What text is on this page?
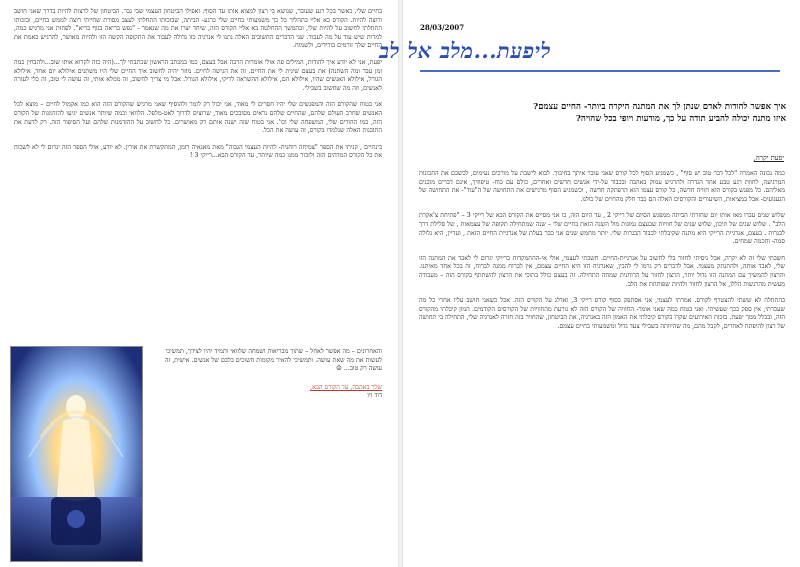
בחיים שלי. כאשר בכל רגע שעובר, שנושא בי רצון למצוא אותו עד הסוף. ואפילו הביטחון העצמי שבי גבר. הביטחון של לרצות להיות בדרך שאני חושב ורוצה להיות. הקורס בא אליי בתהליך כל כך משמעותי בחיים שלי כרגע- הביתה, שבזכותו התחלתי לעצב מסורת שחייתי רוצה לממש בחיים, ובזכותו התחלתי לחשוב על להיות שלי, ובהמשך ההחלטה בא אליי הקורס הזה, שיחד יצרו את מה שנאמר - "נפש בריאה בגוף בריא". לפחות אני מרגיש כמה, למרות שיש עוד על מה לעבוד. שני הדברים החשובים האלה נתנו לי אנרגיה כזו גדולה לעבוד את התקופה הקשה הזו ולהיות מאושר, להרגיש באמת את החיים שלך זורמים בורידים, ולשמוח.

יפעת, אני לא יודע איך להודות, המילים פה אולי אומרות הרבה אבל בעצם, כמו במכתב הראשון שכתבתי לך...(היה כזה לקרוא אותו שוב...ולהבחין כמה זמן עבר ומה השתנה) את בעצם שינית לי את החיים. זה את הגישה לחיים. מוזר יהיה לחשוב איך החיים שלי היו משתנים אילולא יום אחד, אילולא הגורל, אילולא האנשים שהיו, אילולא הם, אילולא ההשראה לריקי, אילולא הגורל. אבל מי צריך לחשוב, זה ממלא אותי, זה עושה לי טוב, זה כלי לעזרה לאנשים, וזה מה שחשוב בשבילי.

אני בטוח שהקורס הזה והמפגשים שלי יהיו חסרים לי מאוד, אני יכול רק לומר ולהוסיף שאני מרגיש שהקורס הזה הוא כמו אקמול לחיים – מוצא לכל האנשים שחרב העולם שלהם, שהחיים שלהם נראים מסובכים מאוד, שרוצים לדרוך לאט-מלפל. הלוואי וכמה שיותר אנשים יגיעו להזדמנות של הקורס הזה, כמו ההורים שלי, המשפחה שלי וכו'. אני בטוח שזה ישנה אותם רק מאושרים. כל לחשוב על ההזדמנות שלהם ועל הסיפור הזה. רק לדעת את התובנות האלה שנלמדו בקורס, זה עושה את הכל.

בינתיים , קניתי את הספר "צמיחה רוחנית- להיות העצמי הגבוה" מאת מאנאיה רומן, המתקשרת את אורין. לא יודע, אולי הספר הזה יגרום לי לא לשכוח את כל הקורס המדהים הזה ולזכור ממנו כמה שיותר, עד הקורס הבא...רייקי 3 !

והאחרונים – מה אפשר לאחל – שתוך מבריאות ושמחה שלוואי ותמיד יהיו לצידך, תמשיכי לעשות את מה שאת עושה. ותמשיכי להאיר מקומות חשוכים בלבם של אנשים. אישית, זה עושה רק טוב... ☺

שלך באהבה, עד הקורס הבא,

דוד זיו

28/03/2007
ליפעת...מלב אל לב
איך אפשר להודות לאדם שנתן לך את המתנה היקרה ביותר- החיים עצמם?
איזו מתנה יכולה להביע תודה על כך, מודעות ויופי בכל שהויה?
יפעת יקרה,

כמה נכונה האמרה "לכל דבר טוב יש סוף" , כשמגיע הסוף לכל קורס שאני עובר איתך בחיבוך. לבוא לישבת על מורכים נעימים, לכשבם את התכונות המרגיעה, לחוות רגע טבע אחד הגדרה ולהרגיש עמוק באהבה ובכבוד על-ידי אנשים חדשים ואחרים, כולם עם כוח- טיפוזיך, אינם דברים מובנים מאליהם. כל מפגש בקורס הוא חוויה חדשה, כל קורס עצמו הוא הרפתקה חדשה , וכשמגיע הסוף מרגישים את התחושה של ה"עוד"- את התחושה של הגעגועים- אבל במציאות, השיעורים והקורסים האלה הם כבר חלק מהחיים של כולנו.

שלוש שנים עברו מאז אותו יום שחזרתי הביתה ממפגש הסיום של רייקי 2 , עד היום הזה, בו אני מסיים את הקורס הבא של רייקי 3 – "פתיחת צ'אקרת הלב" . שלוש שנים של תיכון, שלוש שנים של חוויות שבעצם נמוגות מול השנה הזאת בחיים שלי – שנה שמתחילה תקופה של עצמאות , של סלילת דרך לבגרות . בעצם, אנרגיית הרייקי היא מתנה שקיבלתי לכבוד הבגרות שלי. יותר מחמש שנים אני כבר בעלת של אנרגיית החיים הזאת , ועדיין, היא גלולה סמה- וחכמה שמחים.

חשבתי שלי זה לא יקרה, אבל ניסיתי לחזור בלי לחשוב על אנרגיית-החיים. חשבתי לעצמי, אולי אי-ההתמקדות ברייקי יגרום לי לאבד את המתנה הזו שלי, לאבד אותה, ולהתנתק מעצמי. אבל לדברים רק גרמו לי להבין, שאנרגיה הזו היא החיים עצמם, אין לברוח ממנה לברוח, זה בכל אחד מאיתנו. והרצון להמשיך עם המתנה הזו גדול יותר, הרצון לחזור על הרוחנית שמחה התחילה. זה בעצם כולל בתוכי את הרצון להשתתף בקורס הזה – מעבודה מעשית מהרגשות הללו, אל הרצון לחזור ולהיות שפותחת את הלב.

בהתחלה לא ששתי להצטרף לקורס. אמרתי לעצמי, אני אסתפק בסוף קורס רייקי 3, ואדלג על הקורס הזה. אבל כשאני חושב עליו אחרי כל מה שעברתי, אין ספק בכך שעשיתי. ואני בטוח כמה שאני אומר- החוויה של הקורס הזה לא גורעת מהחוויות של הקורסים הקודמים. המון קיבלתי מהקורס הזה, ובכלל ממך יפעת. בזכות האירועים שקרו בקורס קיבלתי את האמון הזה באנרגיה, את הביטחון, שהחזיר בזה חזרה לאנרגיה שלי, התחילה בי תחושה של רצון להיפתח לאחרים, לקבל מהם, מה שהיוותה בשבילי צעד גדול ומשמעותי בחיים עצמם.
